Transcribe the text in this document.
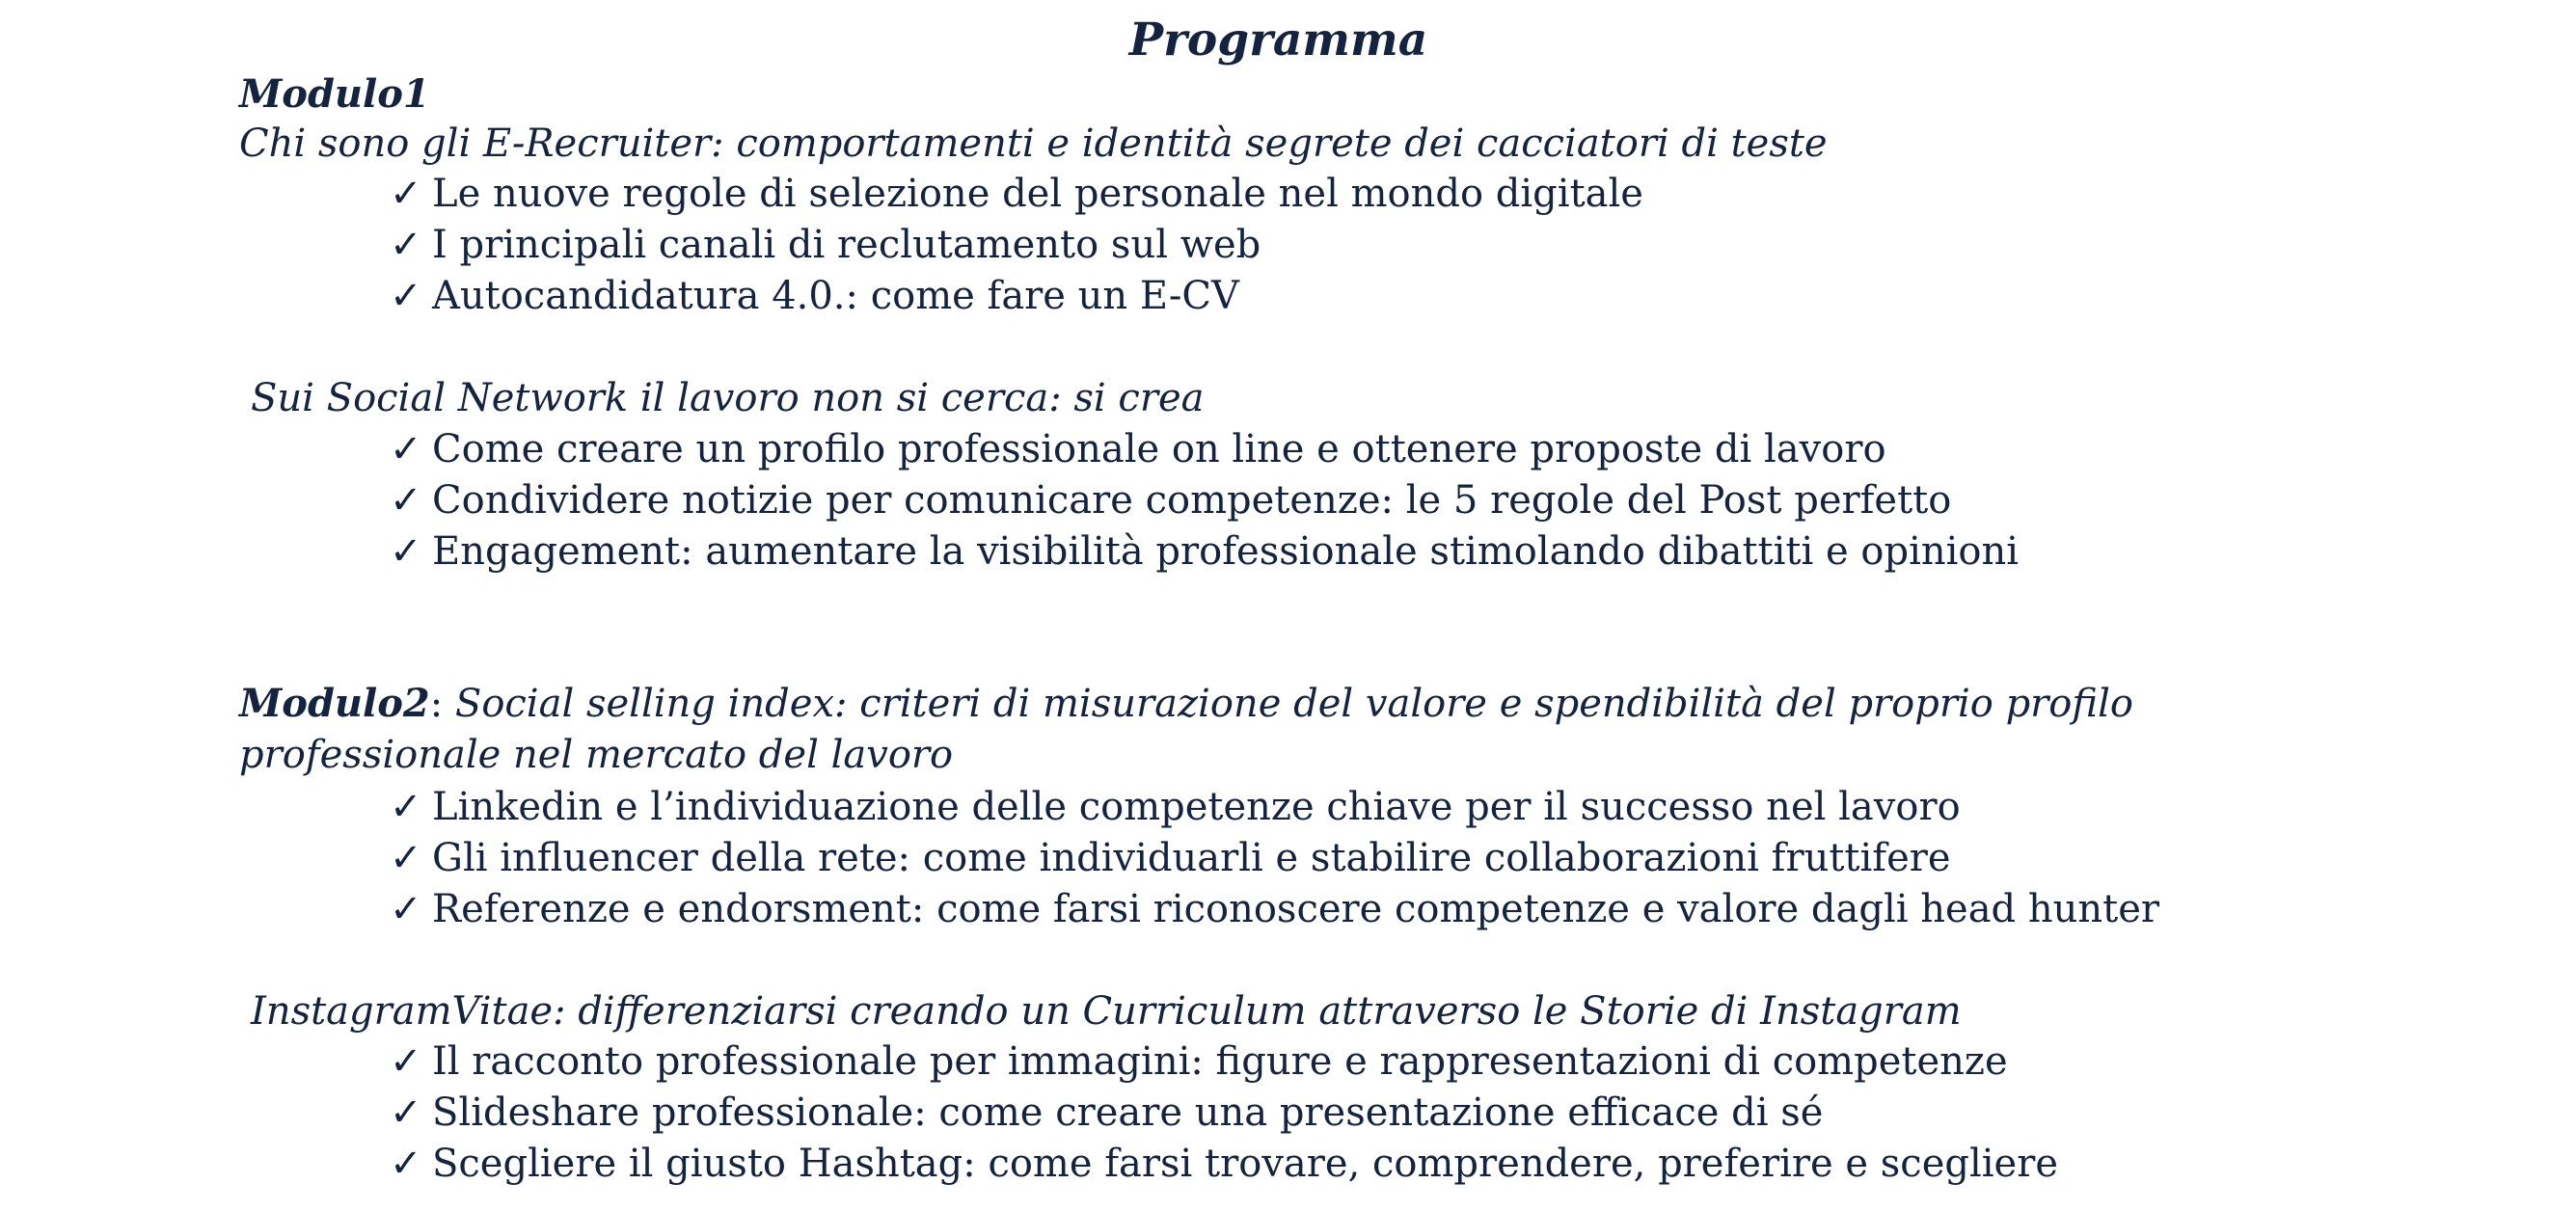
Programma
Modulo1
Chi sono gli E-Recruiter: comportamenti e identità segrete dei cacciatori di teste
✓ Le nuove regole di selezione del personale nel mondo digitale
✓ I principali canali di reclutamento sul web
✓ Autocandidatura 4.0.: come fare un E-CV
Sui Social Network il lavoro non si cerca: si crea
✓ Come creare un profilo professionale on line e ottenere proposte di lavoro
✓ Condividere notizie per comunicare competenze: le 5 regole del Post perfetto
✓ Engagement: aumentare la visibilità professionale stimolando dibattiti e opinioni
Modulo2: Social selling index: criteri di misurazione del valore e spendibilità del proprio profilo
professionale nel mercato del lavoro
✓ Linkedin e l’individuazione delle competenze chiave per il successo nel lavoro
✓ Gli influencer della rete: come individuarli e stabilire collaborazioni fruttifere
✓ Referenze e endorsment: come farsi riconoscere competenze e valore dagli head hunter
InstagramVitae: differenziarsi creando un Curriculum attraverso le Storie di Instagram
✓ Il racconto professionale per immagini: figure e rappresentazioni di competenze
✓ Slideshare professionale: come creare una presentazione efficace di sé
✓ Scegliere il giusto Hashtag: come farsi trovare, comprendere, preferire e scegliere
